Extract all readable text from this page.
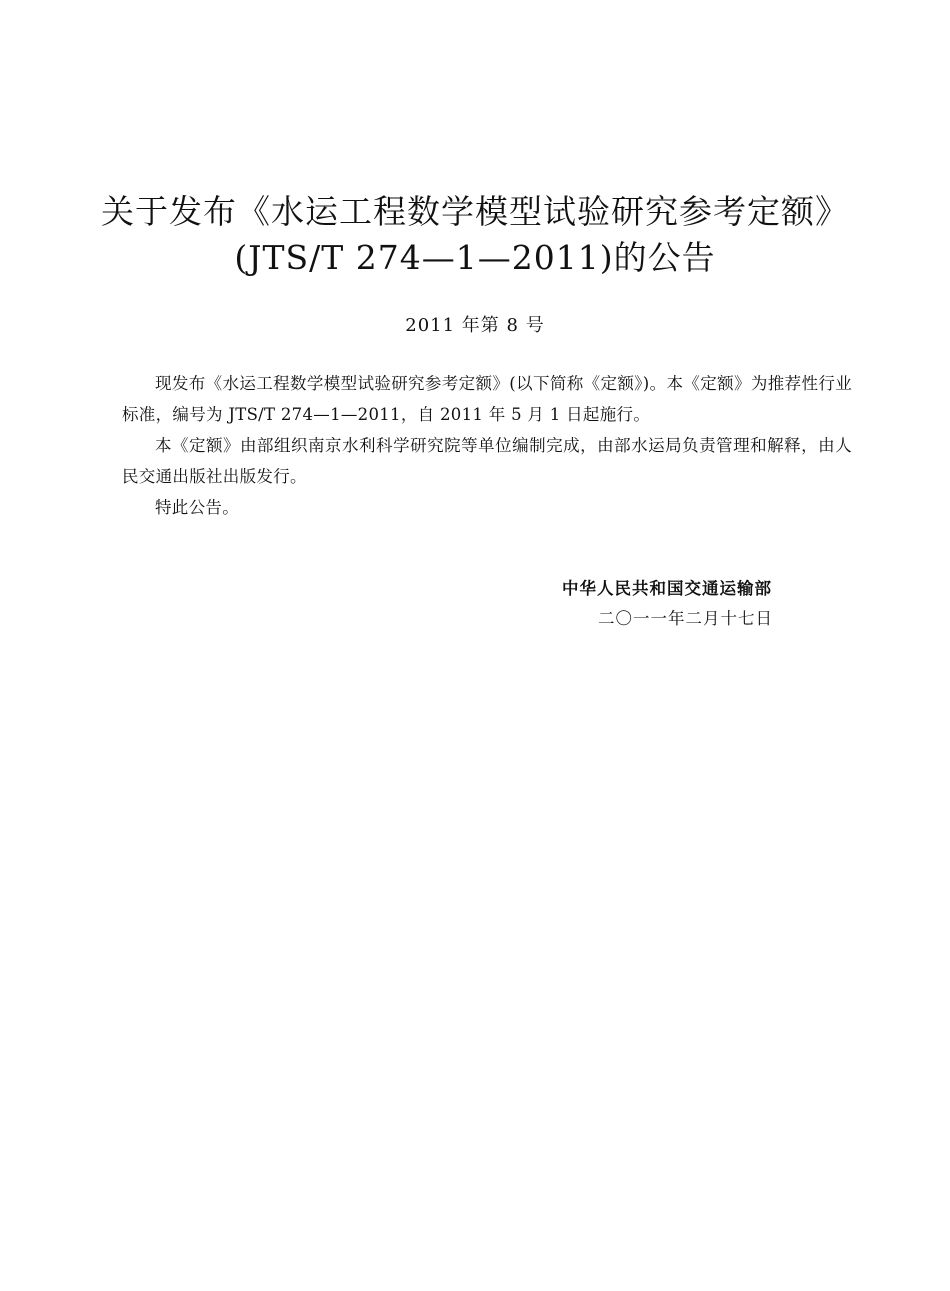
关于发布《水运工程数学模型试验研究参考定额》
(JTS/T 274—1—2011)的公告
2011 年第 8 号

现发布《水运工程数学模型试验研究参考定额》(以下简称《定额》)。本《定额》为推荐性行业标准，编号为 JTS/T 274—1—2011，自 2011 年 5 月 1 日起施行。

本《定额》由部组织南京水利科学研究院等单位编制完成，由部水运局负责管理和解释，由人民交通出版社出版发行。

特此公告。

中华人民共和国交通运输部
二〇一一年二月十七日
